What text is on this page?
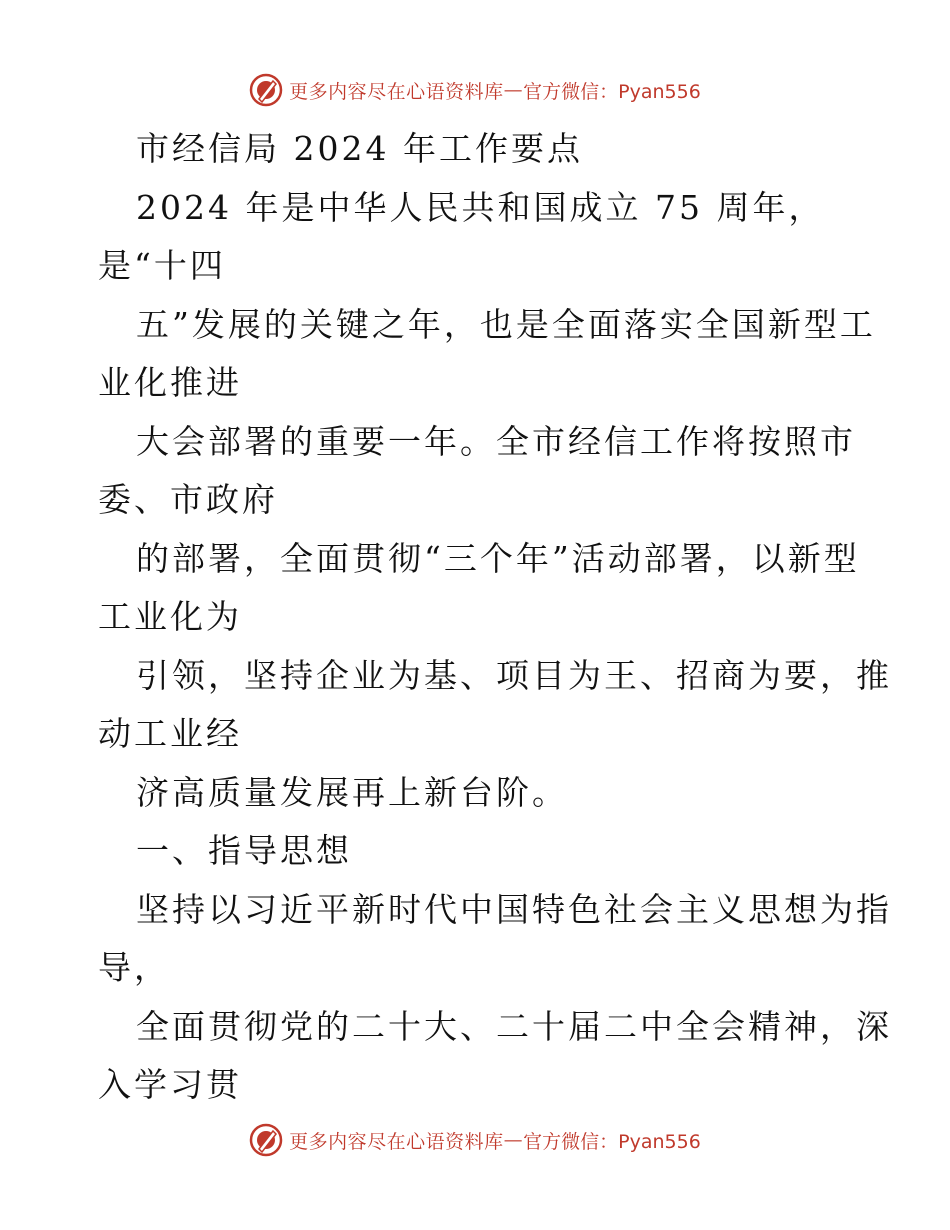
更多内容尽在心语资料库 — 官方微信：Pyan556
市经信局 2024 年工作要点
2024 年是中华人民共和国成立 75 周年，
是“十四
五”发展的关键之年，也是全面落实全国新型工
业化推进
大会部署的重要一年。全市经信工作将按照市
委、市政府
的部署，全面贯彻“三个年”活动部署，以新型
工业化为
引领，坚持企业为基、项目为王、招商为要，推
动工业经
济高质量发展再上新台阶。
一、指导思想
坚持以习近平新时代中国特色社会主义思想为指
导，
全面贯彻党的二十大、二十届二中全会精神，深
入学习贯
更多内容尽在心语资料库 — 官方微信：Pyan556
